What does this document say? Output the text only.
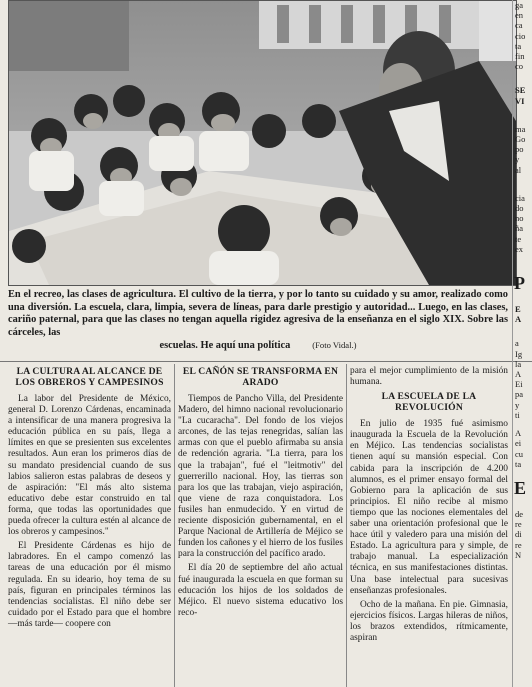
En el recreo, las clases de agricultura. El cultivo de la tierra, y por lo tanto su cuidado y su amor, realizado como una diversión. La escuela, clara, limpia, severa de líneas, para darle prestigio y autoridad... Luego, en las clases, cariño paternal, para que las clases no tengan aquella rigidez agresiva de la enseñanza en el siglo XIX. Sobre las cárceles, las
escuelas. He aquí una política	(Foto Vidal.)
LA CULTURA AL ALCANCE DE LOS OBREROS Y CAMPESINOS

La labor del Presidente de México, general D. Lorenzo Cárdenas, encaminada a intensificar de una manera progresiva la educación pública en su país, llega a límites en que se presienten sus excelentes resultados. Aun eran los primeros días de su mandato presidencial cuando de sus labios salieron estas palabras de deseos y de aspiración: "El más alto sistema educativo debe estar construido en tal forma, que todas las oportunidades que pueda ofrecer la cultura estén al alcance de los obreros y campesinos."

El Presidente Cárdenas es hijo de labradores. En el campo comenzó las tareas de una educación por él mismo regulada. En su ideario, hoy tema de su país, figuran en principales términos las tendencias socialistas. El niño debe ser cuidado por el Estado para que el hombre —más tarde— coopere con

EL CAÑÓN SE TRANSFORMA EN ARADO

Tiempos de Pancho Villa, del Presidente Madero, del himno nacional revolucionario "La cucaracha". Del fondo de los viejos arcones, de las tejas renegridas, salían las armas con que el pueblo afirmaba su ansia de redención agraria. "La tierra, para los que la trabajan", fué el "leitmotiv" del guerrerillo nacional. Hoy, las tierras son para los que las trabajan, viejo aspiración, que viene de raza conquistadora. Los fusiles han enmudecido. Y en virtud de reciente disposición gubernamental, en el Parque Nacional de Artillería de Méjico se funden los cañones y el hierro de los fusiles para la construcción del pacífico arado.

El día 20 de septiembre del año actual fué inaugurada la escuela en que forman su educación los hijos de los soldados de Méjico. El nuevo sistema educativo los reco-

para el mejor cumplimiento de la misión humana.

LA ESCUELA DE LA REVOLUCIÓN

En julio de 1935 fué asimismo inaugurada la Escuela de la Revolución en Méjico. Las tendencias socialistas tienen aquí su mansión especial. Con cabida para la inscripción de 4.200 alumnos, es el primer ensayo formal del Gobierno para la aplicación de sus principios. El niño recibe al mismo tiempo que las nociones elementales del saber una orientación profesional que le hace útil y valedero para una misión del Estado. La agricultura para y simple, de trabajo manual. La especialización técnica, en sus manifestaciones distintas. Una base intelectual para sucesivas enseñanzas profesionales.

Ocho de la mañana. En pie. Gimnasia, ejercicios físicos. Largas hileras de niños, los brazos extendidos, rítmicamente, aspiran

ga
en
ca
cio
ta
fin
co
SE
VI
ma
Go
po
y
al
cia
do
no
ña
te
ex
P
E
A
a
Ig
la
A
Ei
pa
y
ti
A
ei
cu
ta
E
de
re
di
re
N
